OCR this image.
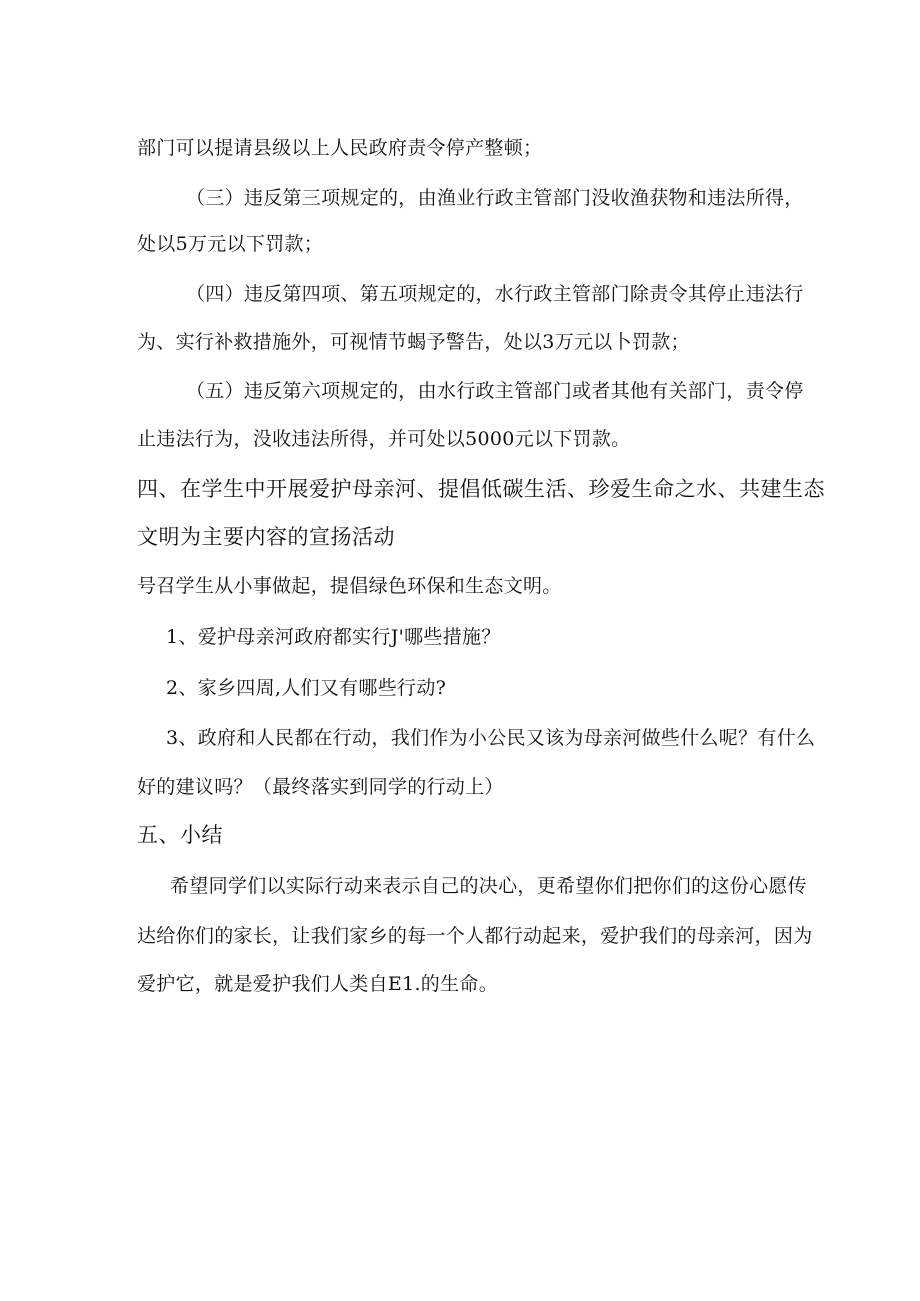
部门可以提请县级以上人民政府责令停产整顿；
（三）违反第三项规定的，由渔业行政主管部门没收渔获物和违法所得，
处以5万元以下罚款；
（四）违反第四项、第五项规定的，水行政主管部门除责令其停止违法行
为、实行补救措施外，可视情节蝎予警告，处以3万元以卜罚款；
（五）违反第六项规定的，由水行政主管部门或者其他有关部门，责令停
止违法行为，没收违法所得，并可处以5000元以下罚款。
四、在学生中开展爱护母亲河、提倡低碳生活、珍爱生命之水、共建生态
文明为主要内容的宣扬活动
号召学生从小事做起，提倡绿色环保和生态文明。
1、爱护母亲河政府都实行J'哪些措施？
2、家乡四周,人们又有哪些行动?
3、政府和人民都在行动，我们作为小公民又该为母亲河做些什么呢？有什么
好的建议吗？（最终落实到同学的行动上）
五、小结
希望同学们以实际行动来表示自己的决心，更希望你们把你们的这份心愿传
达给你们的家长，让我们家乡的每一个人都行动起来，爱护我们的母亲河，因为
爱护它，就是爱护我们人类自E1.的生命。
